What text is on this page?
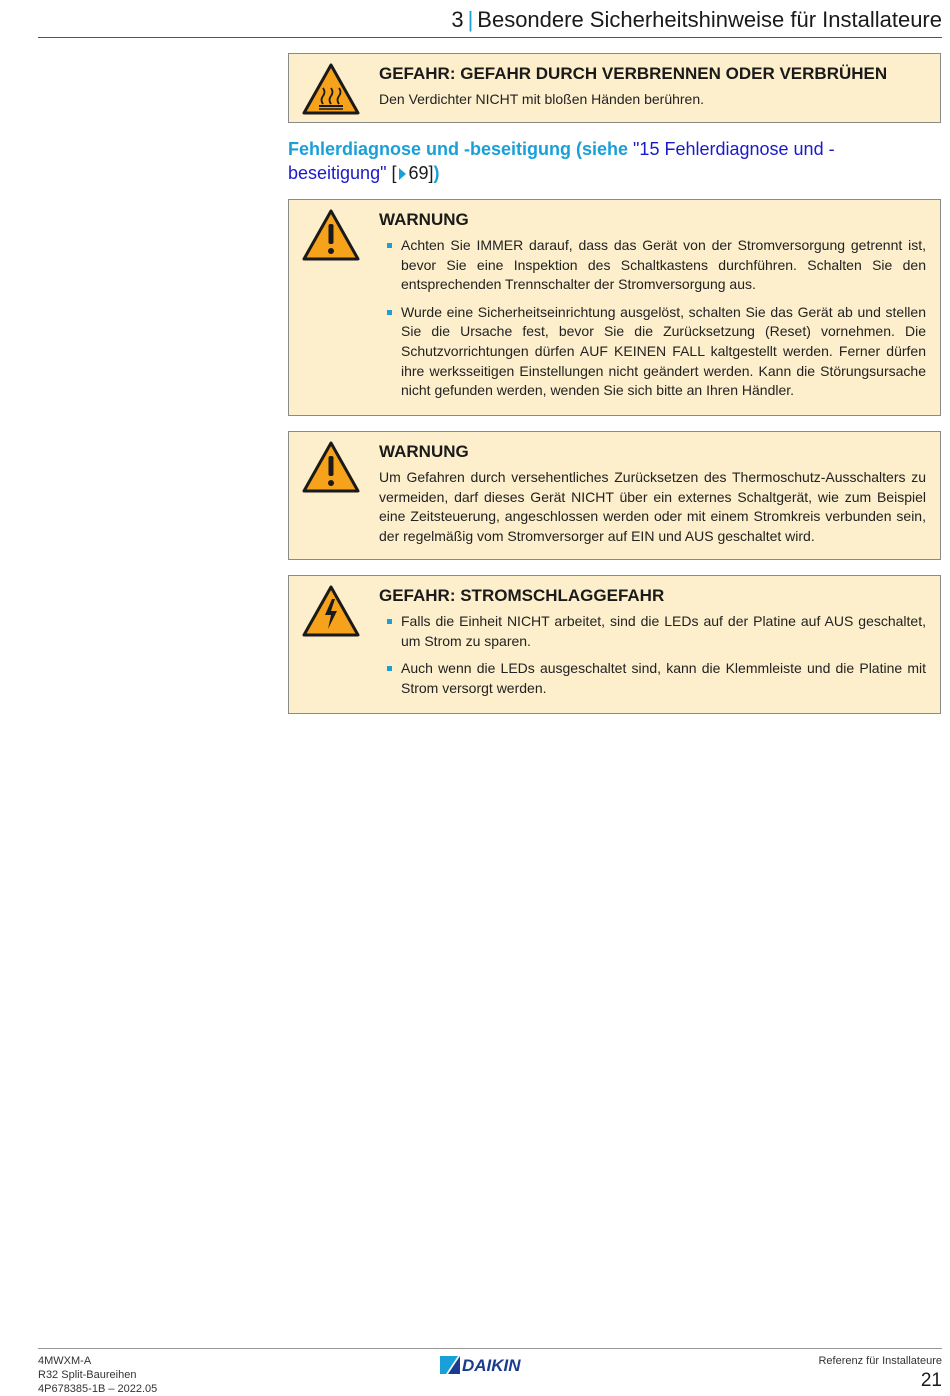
3 | Besondere Sicherheitshinweise für Installateure
GEFAHR: GEFAHR DURCH VERBRENNEN ODER VERBRÜHEN

Den Verdichter NICHT mit bloßen Händen berühren.

Fehlerdiagnose und -beseitigung (siehe "15 Fehlerdiagnose und -beseitigung" [ 69])
WARNUNG
Achten Sie IMMER darauf, dass das Gerät von der Stromversorgung getrennt ist, bevor Sie eine Inspektion des Schaltkastens durchführen. Schalten Sie den entsprechenden Trennschalter der Stromversorgung aus.
Wurde eine Sicherheitseinrichtung ausgelöst, schalten Sie das Gerät ab und stellen Sie die Ursache fest, bevor Sie die Zurücksetzung (Reset) vornehmen. Die Schutzvorrichtungen dürfen AUF KEINEN FALL kaltgestellt werden. Ferner dürfen ihre werksseitigen Einstellungen nicht geändert werden. Kann die Störungsursache nicht gefunden werden, wenden Sie sich bitte an Ihren Händler.
WARNUNG

Um Gefahren durch versehentliches Zurücksetzen des Thermoschutz-Ausschalters zu vermeiden, darf dieses Gerät NICHT über ein externes Schaltgerät, wie zum Beispiel eine Zeitsteuerung, angeschlossen werden oder mit einem Stromkreis verbunden sein, der regelmäßig vom Stromversorger auf EIN und AUS geschaltet wird.

GEFAHR: STROMSCHLAGGEFAHR
Falls die Einheit NICHT arbeitet, sind die LEDs auf der Platine auf AUS geschaltet, um Strom zu sparen.
Auch wenn die LEDs ausgeschaltet sind, kann die Klemmleiste und die Platine mit Strom versorgt werden.
4MWXM-A
R32 Split-Baureihen
4P678385-1B – 2022.05
DAIKIN	Referenz für Installateure
21
